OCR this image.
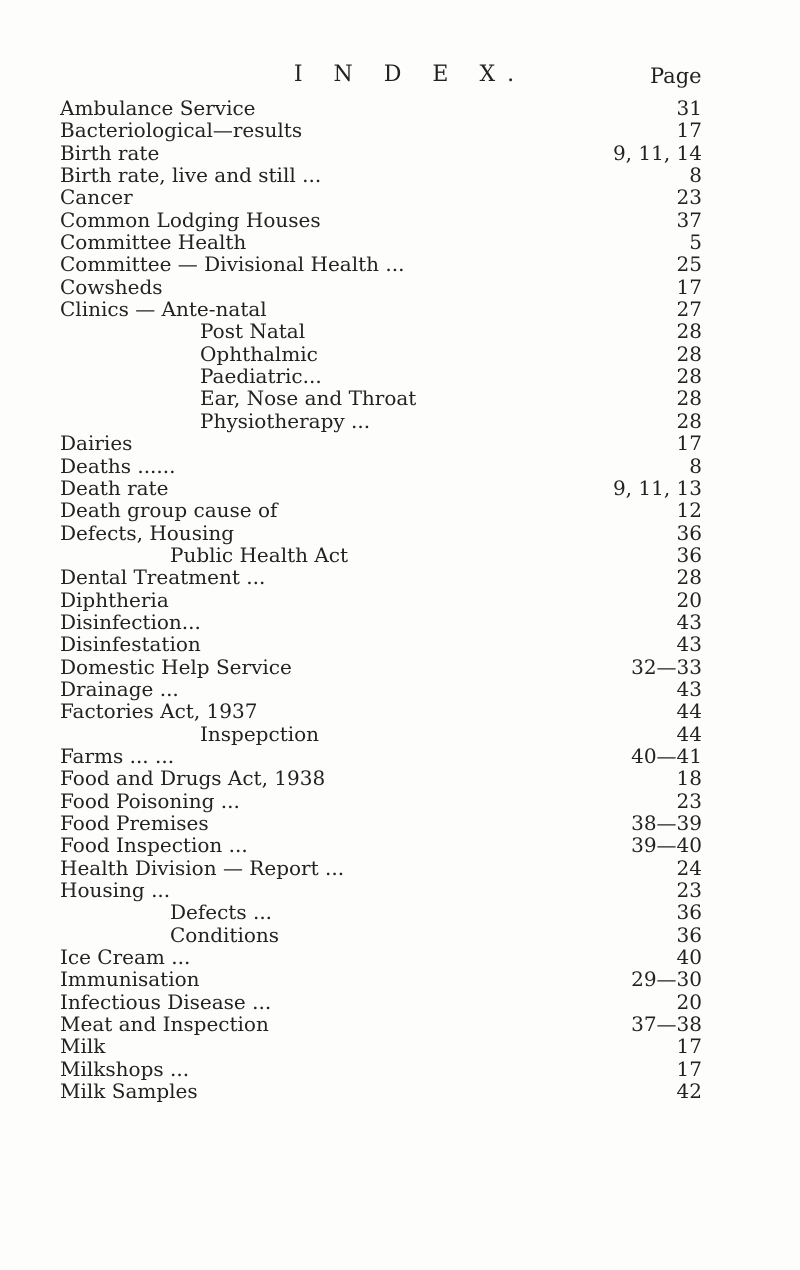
I N D E X.	Page
Ambulance Service	31
Bacteriological—results	17
Birth rate	9, 11, 14
Birth rate, live and still ...	8
Cancer	23
Common Lodging Houses	37
Committee Health	5
Committee — Divisional Health ...	25
Cowsheds	17
Clinics — Ante-natal	27
Post Natal	28
Ophthalmic	28
Paediatric...	28
Ear, Nose and Throat	28
Physiotherapy ...	28
Dairies	17
Deaths ......	8
Death rate	9, 11, 13
Death group cause of	12
Defects, Housing	36
Public Health Act	36
Dental Treatment ...	28
Diphtheria	20
Disinfection...	43
Disinfestation	43
Domestic Help Service	32—33
Drainage ...	43
Factories Act, 1937	44
Inspepction	44
Farms ... ...	40—41
Food and Drugs Act, 1938	18
Food Poisoning ...	23
Food Premises	38—39
Food Inspection ...	39—40
Health Division — Report ...	24
Housing ...	23
Defects ...	36
Conditions	36
Ice Cream ...	40
Immunisation	29—30
Infectious Disease ...	20
Meat and Inspection	37—38
Milk	17
Milkshops ...	17
Milk Samples	42
